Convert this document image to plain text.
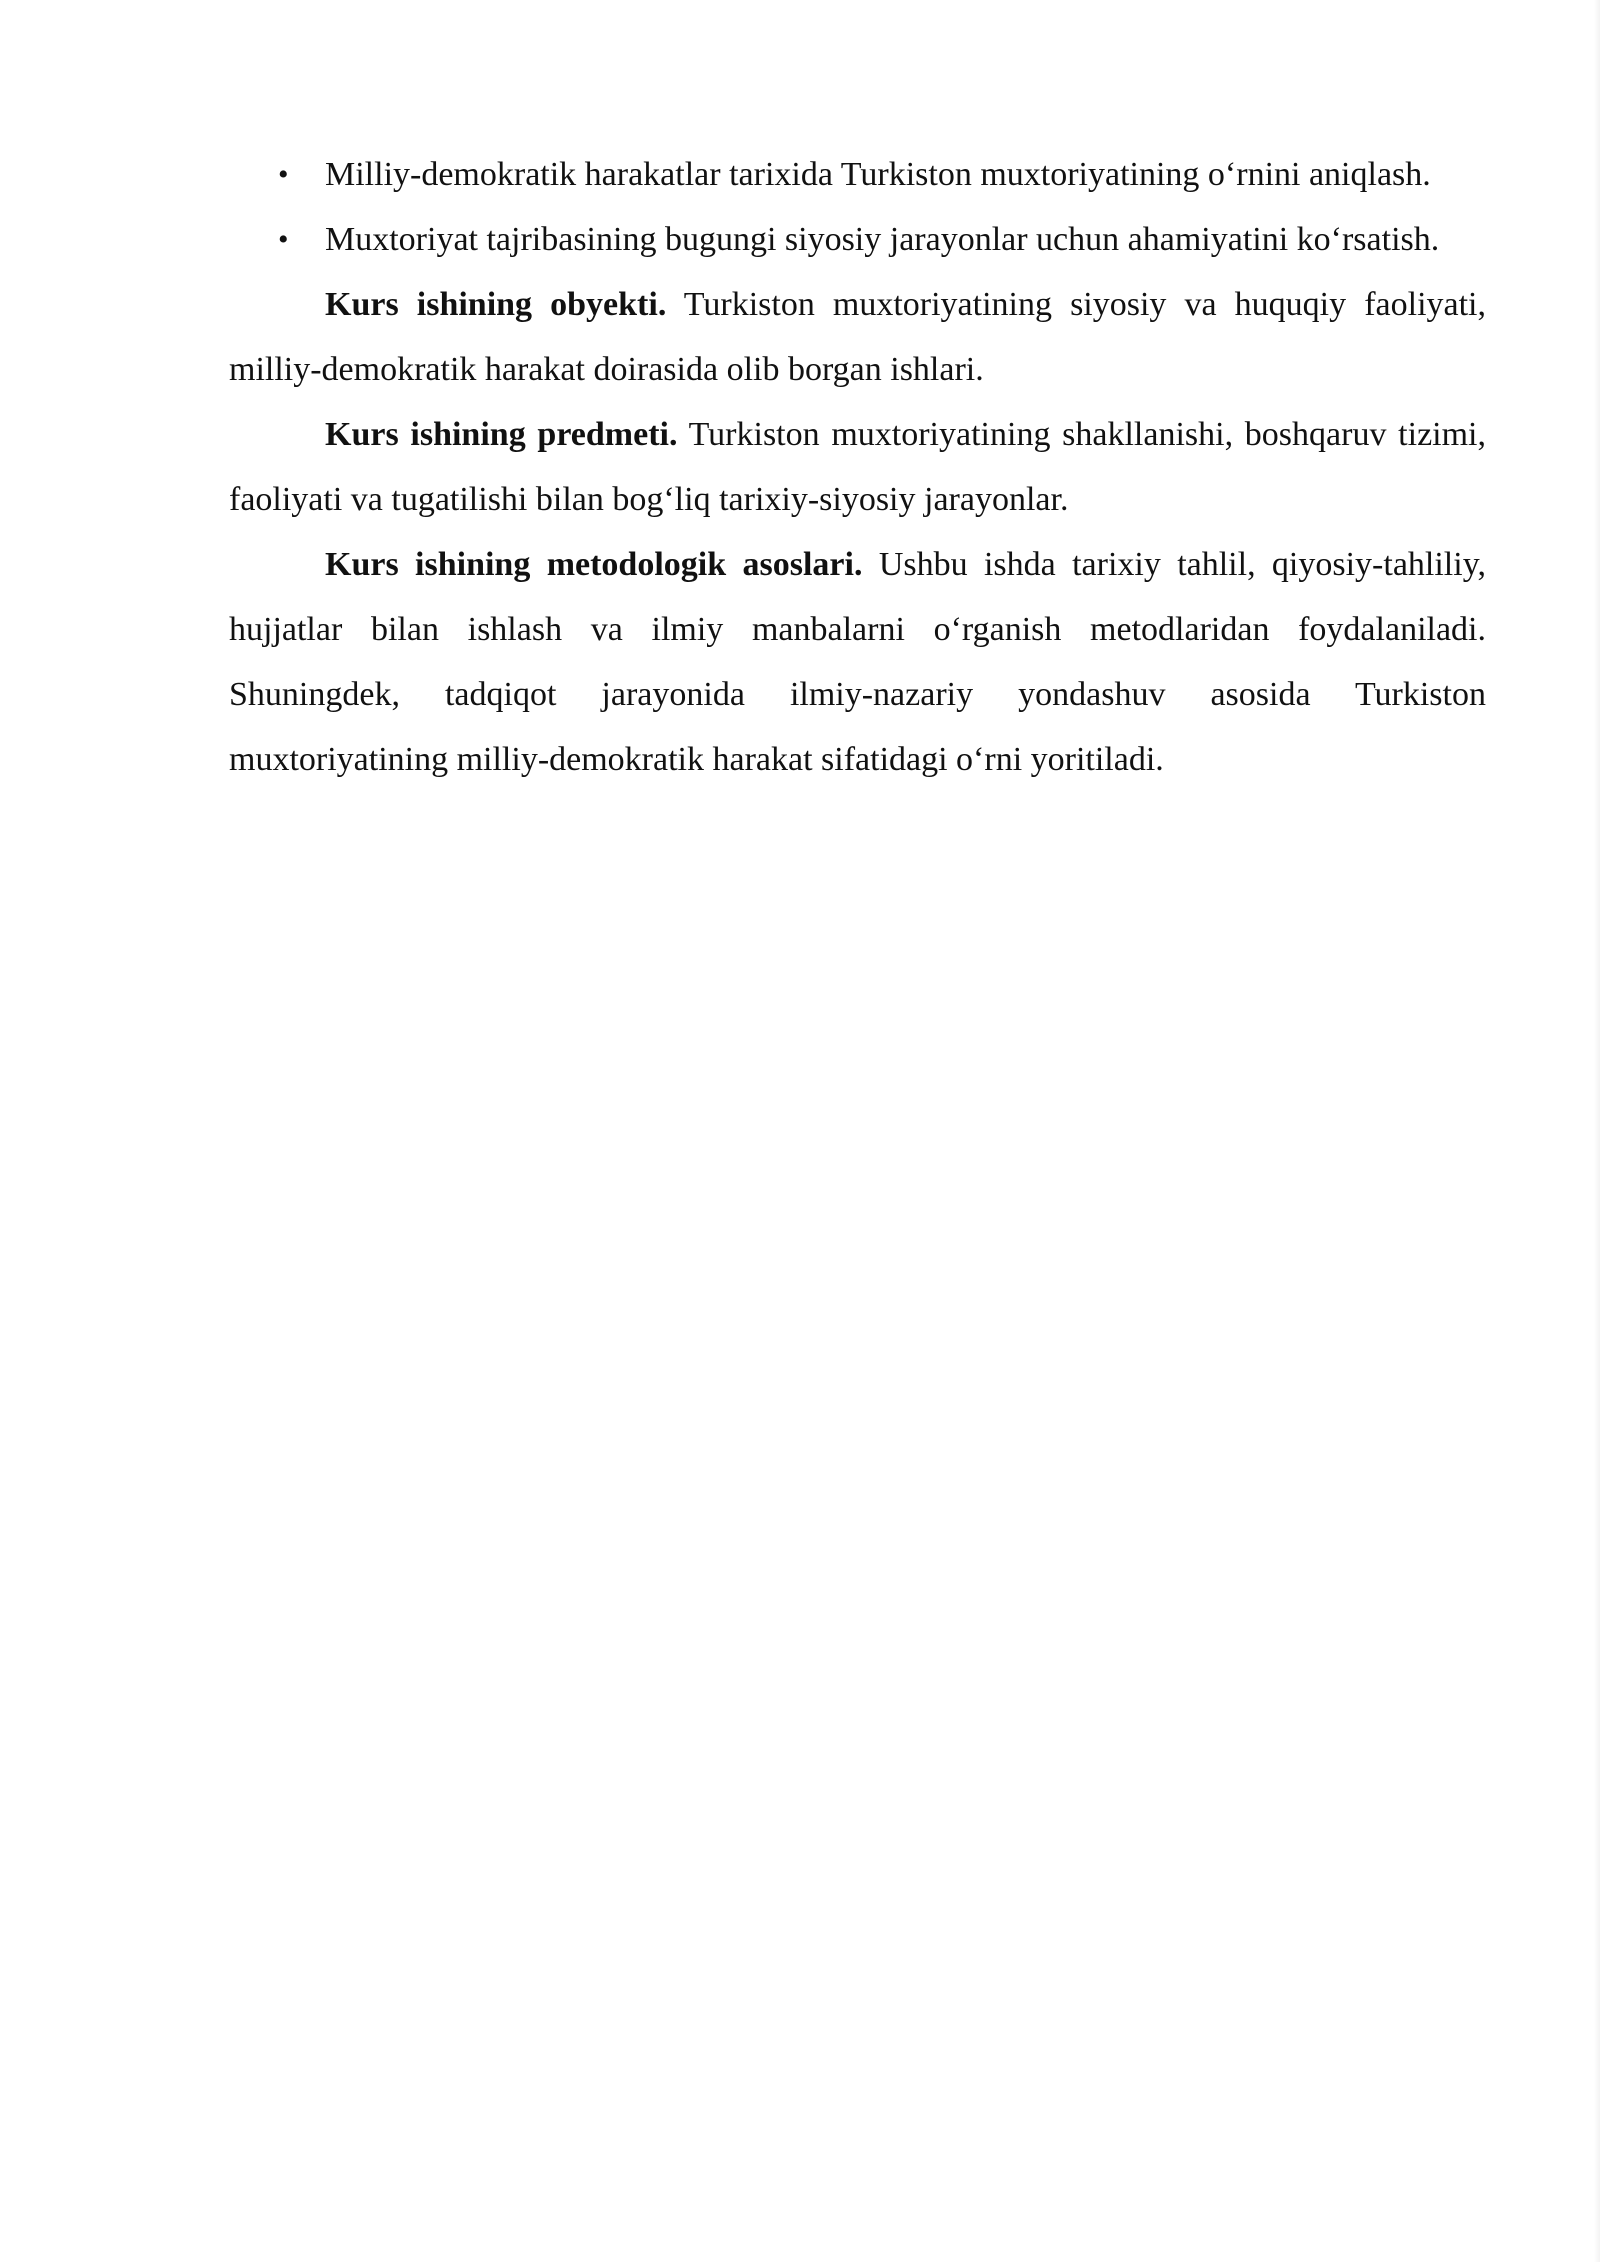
• Milliy-demokratik harakatlar tarixida Turkiston muxtoriyatining o‘rnini aniqlash.
• Muxtoriyat tajribasining bugungi siyosiy jarayonlar uchun ahamiyatini ko‘rsatish.

Kurs ishining obyekti. Turkiston muxtoriyatining siyosiy va huquqiy faoliyati, milliy-demokratik harakat doirasida olib borgan ishlari.

Kurs ishining predmeti. Turkiston muxtoriyatining shakllanishi, boshqaruv tizimi, faoliyati va tugatilishi bilan bog‘liq tarixiy-siyosiy jarayonlar.

Kurs ishining metodologik asoslari. Ushbu ishda tarixiy tahlil, qiyosiy-tahliliy, hujjatlar bilan ishlash va ilmiy manbalarni o‘rganish metodlaridan foydalaniladi. Shuningdek, tadqiqot jarayonida ilmiy-nazariy yondashuv asosida Turkiston muxtoriyatining milliy-demokratik harakat sifatidagi o‘rni yoritiladi.
